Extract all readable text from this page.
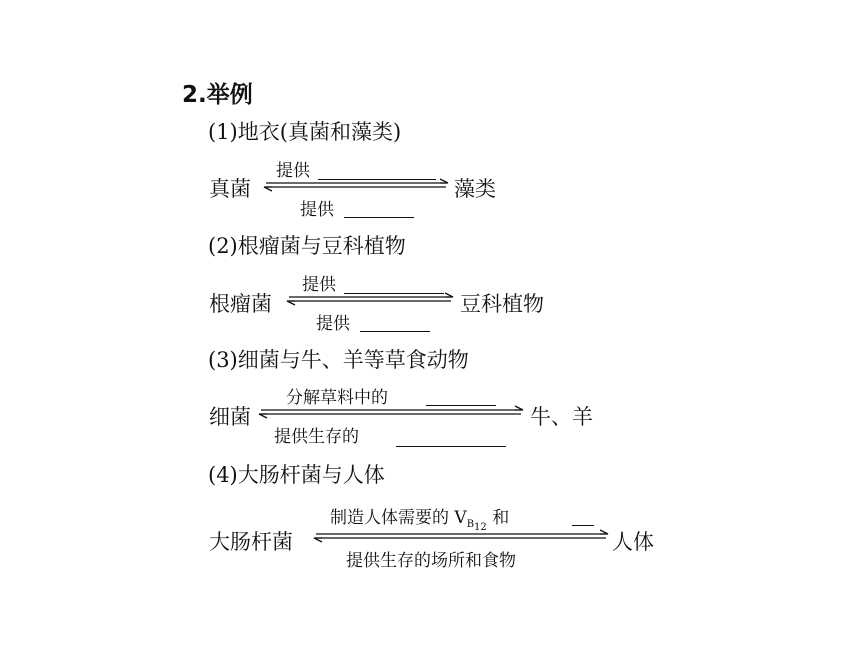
2.举例
(1)地衣(真菌和藻类)
真菌
提供
提供
藻类
(2)根瘤菌与豆科植物
根瘤菌
提供
提供
豆科植物
(3)细菌与牛、羊等草食动物
细菌
分解草料中的
提供生存的
牛、羊
(4)大肠杆菌与人体
大肠杆菌
制造人体需要的 $V_{B_{12}}$ 和
提供生存的场所和食物
人体
